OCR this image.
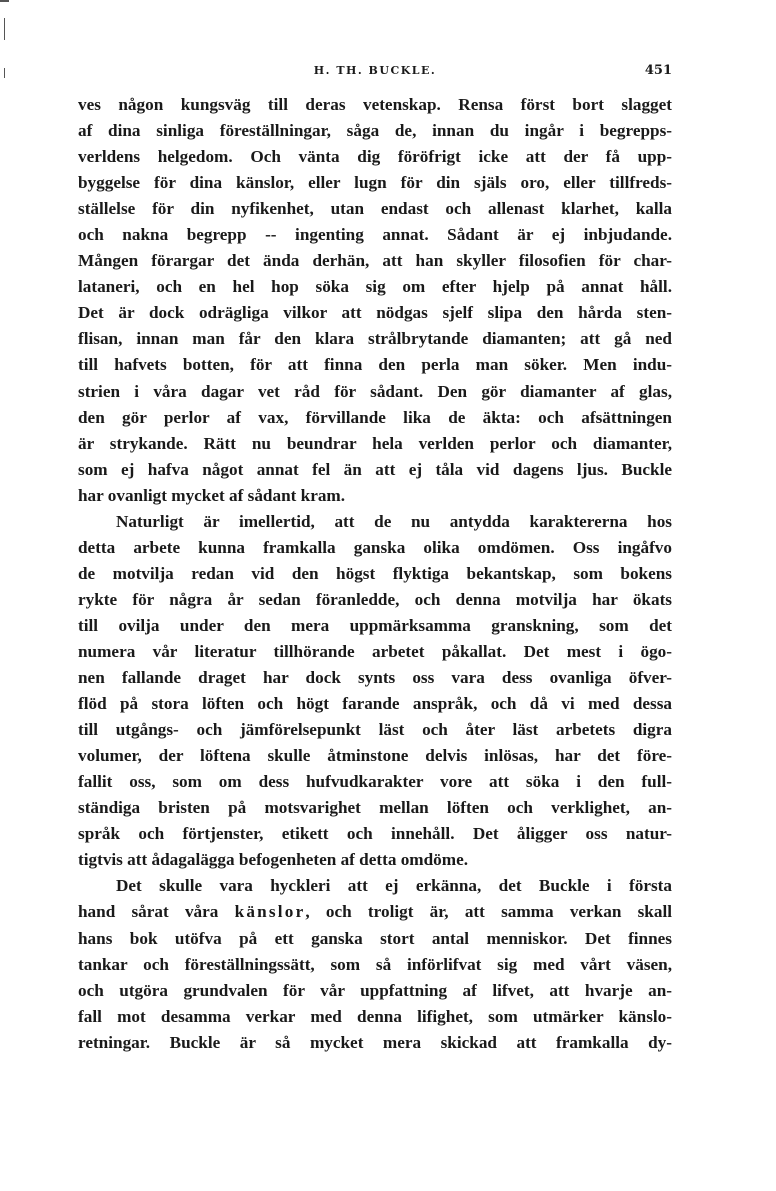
H. TH. BUCKLE.	451
ves någon kungsväg till deras vetenskap. Rensa först bort slagget
af dina sinliga föreställningar, såga de, innan du ingår i begrepps-
verldens helgedom. Och vänta dig föröfrigt icke att der få upp-
byggelse för dina känslor, eller lugn för din själs oro, eller tillfreds-
ställelse för din nyfikenhet, utan endast och allenast klarhet, kalla
och nakna begrepp -- ingenting annat. Sådant är ej inbjudande.
Mången förargar det ända derhän, att han skyller filosofien för char-
lataneri, och en hel hop söka sig om efter hjelp på annat håll.
Det är dock odrägliga vilkor att nödgas sjelf slipa den hårda sten-
flisan, innan man får den klara strålbrytande diamanten; att gå ned
till hafvets botten, för att finna den perla man söker. Men indu-
strien i våra dagar vet råd för sådant. Den gör diamanter af glas,
den gör perlor af vax, förvillande lika de äkta: och afsättningen
är strykande. Rätt nu beundrar hela verlden perlor och diamanter,
som ej hafva något annat fel än att ej tåla vid dagens ljus. Buckle
har ovanligt mycket af sådant kram.
Naturligt är imellertid, att de nu antydda karaktererna hos
detta arbete kunna framkalla ganska olika omdömen. Oss ingåfvo
de motvilja redan vid den högst flyktiga bekantskap, som bokens
rykte för några år sedan föranledde, och denna motvilja har ökats
till ovilja under den mera uppmärksamma granskning, som det
numera vår literatur tillhörande arbetet påkallat. Det mest i ögo-
nen fallande draget har dock synts oss vara dess ovanliga öfver-
flöd på stora löften och högt farande anspråk, och då vi med dessa
till utgångs- och jämförelsepunkt läst och åter läst arbetets digra
volumer, der löftena skulle åtminstone delvis inlösas, har det före-
fallit oss, som om dess hufvudkarakter vore att söka i den full-
ständiga bristen på motsvarighet mellan löften och verklighet, an-
språk och förtjenster, etikett och innehåll. Det åligger oss natur-
tigtvis att ådagalägga befogenheten af detta omdöme.
Det skulle vara hyckleri att ej erkänna, det Buckle i första
hand sårat våra känslor, och troligt är, att samma verkan skall
hans bok utöfva på ett ganska stort antal menniskor. Det finnes
tankar och föreställningssätt, som så införlifvat sig med vårt väsen,
och utgöra grundvalen för vår uppfattning af lifvet, att hvarje an-
fall mot desamma verkar med denna lifighet, som utmärker känslo-
retningar. Buckle är så mycket mera skickad att framkalla dy-
